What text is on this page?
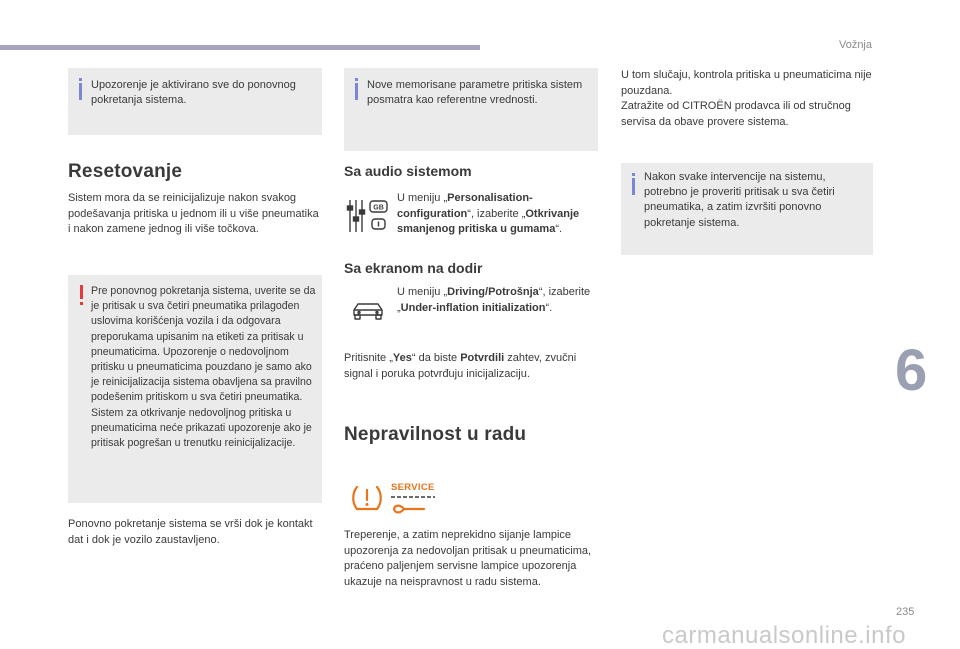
Vožnja
Upozorenje je aktivirano sve do ponovnog pokretanja sistema.
Resetovanje
Sistem mora da se reinicijalizuje nakon svakog podešavanja pritiska u jednom ili u više pneumatika i nakon zamene jednog ili više točkova.
Pre ponovnog pokretanja sistema, uverite se da je pritisak u sva četiri pneumatika prilagođen uslovima korišćenja vozila i da odgovara preporukama upisanim na etiketi za pritisak u pneumaticima. Upozorenje o nedovoljnom pritisku u pneumaticima pouzdano je samo ako je reinicijalizacija sistema obavljena sa pravilno podešenim pritiskom u sva četiri pneumatika. Sistem za otkrivanje nedovoljnog pritiska u pneumaticima neće prikazati upozorenje ako je pritisak pogrešan u trenutku reinicijalizacije.
Ponovno pokretanje sistema se vrši dok je kontakt dat i dok je vozilo zaustavljeno.
Nove memorisane parametre pritiska sistem posmatra kao referentne vrednosti.
Sa audio sistemom
GB
U meniju „Personalisation-configuration“, izaberite „Otkrivanje smanjenog pritiska u gumama“.
Sa ekranom na dodir
U meniju „Driving/Potrošnja“, izaberite „Under-inflation initialization“.
Pritisnite „Yes“ da biste Potvrdili zahtev, zvučni signal i poruka potvrđuju inicijalizaciju.
Nepravilnost u radu
SERVICE
Treperenje, a zatim neprekidno sijanje lampice upozorenja za nedovoljan pritisak u pneumaticima, praćeno paljenjem servisne lampice upozorenja ukazuje na neispravnost u radu sistema.
U tom slučaju, kontrola pritiska u pneumaticima nije pouzdana.
Zatražite od CITROËN prodavca ili od stručnog servisa da obave provere sistema.
Nakon svake intervencije na sistemu, potrebno je proveriti pritisak u sva četiri pneumatika, a zatim izvršiti ponovno pokretanje sistema.
6
235
carmanualsonline.info
